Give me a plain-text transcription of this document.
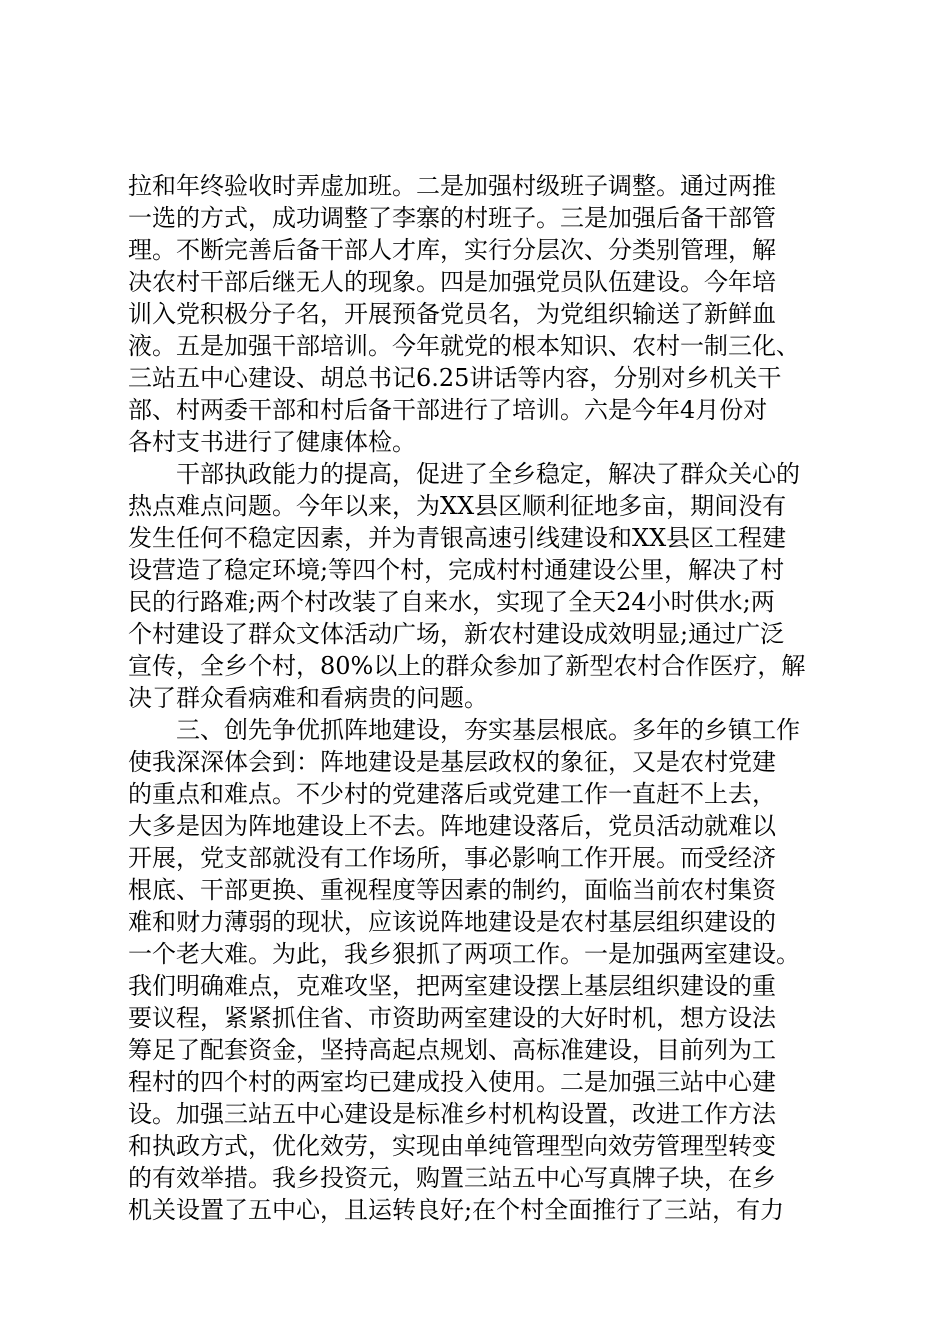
拉和年终验收时弄虚加班。二是加强村级班子调整。通过两推
一选的方式，成功调整了李寨的村班子。三是加强后备干部管
理。不断完善后备干部人才库，实行分层次、分类别管理，解
决农村干部后继无人的现象。四是加强党员队伍建设。今年培
训入党积极分子名，开展预备党员名，为党组织输送了新鲜血
液。五是加强干部培训。今年就党的根本知识、农村一制三化、
三站五中心建设、胡总书记6.25讲话等内容，分别对乡机关干
部、村两委干部和村后备干部进行了培训。六是今年4月份对
各村支书进行了健康体检。
　　干部执政能力的提高，促进了全乡稳定，解决了群众关心的
热点难点问题。今年以来，为XX县区顺利征地多亩，期间没有
发生任何不稳定因素，并为青银高速引线建设和XX县区工程建
设营造了稳定环境;等四个村，完成村村通建设公里，解决了村
民的行路难;两个村改装了自来水，实现了全天24小时供水;两
个村建设了群众文体活动广场，新农村建设成效明显;通过广泛
宣传，全乡个村，80%以上的群众参加了新型农村合作医疗，解
决了群众看病难和看病贵的问题。
　　三、创先争优抓阵地建设，夯实基层根底。多年的乡镇工作
使我深深体会到：阵地建设是基层政权的象征，又是农村党建
的重点和难点。不少村的党建落后或党建工作一直赶不上去，
大多是因为阵地建设上不去。阵地建设落后，党员活动就难以
开展，党支部就没有工作场所，事必影响工作开展。而受经济
根底、干部更换、重视程度等因素的制约，面临当前农村集资
难和财力薄弱的现状，应该说阵地建设是农村基层组织建设的
一个老大难。为此，我乡狠抓了两项工作。一是加强两室建设。
我们明确难点，克难攻坚，把两室建设摆上基层组织建设的重
要议程，紧紧抓住省、市资助两室建设的大好时机，想方设法
筹足了配套资金，坚持高起点规划、高标准建设，目前列为工
程村的四个村的两室均已建成投入使用。二是加强三站中心建
设。加强三站五中心建设是标准乡村机构设置，改进工作方法
和执政方式，优化效劳，实现由单纯管理型向效劳管理型转变
的有效举措。我乡投资元，购置三站五中心写真牌子块，在乡
机关设置了五中心，且运转良好;在个村全面推行了三站，有力
